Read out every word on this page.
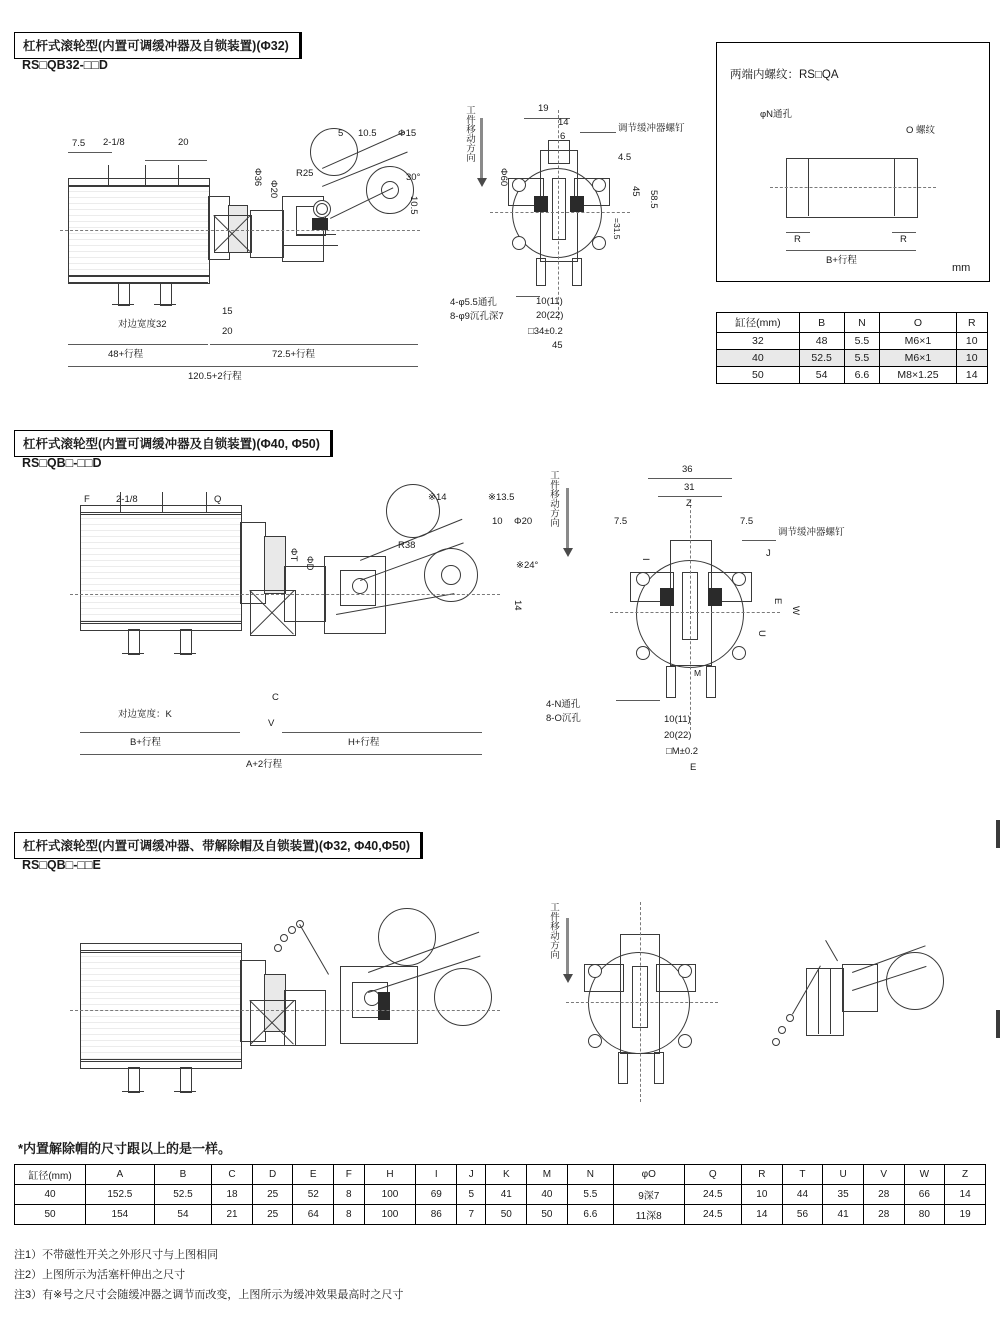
杠杆式滚轮型(内置可调缓冲器及自锁装置)(Φ32)
RS□QB32-□□D
7.5 2-1/8	20
Φ36
Φ20
R25
5 10.5 Φ15
30°
10.5
15
20
对边宽度32
48+行程	72.5+行程
120.5+2行程
19
14
6
4.5
45 58.5
Φ60
=31.5
调节缓冲器螺钉
4-φ5.5通孔
8-φ9沉孔深7
10(11)
20(22)
□34±0.2
45
工件移动方向
两端内螺纹：RS□QA
φN通孔
O 螺纹
R	R
B+行程
mm
缸径(mm)	B	N	O	R
32	48	5.5	M6×1	10
40	52.5	5.5	M6×1	10
50	54	6.6	M8×1.25	14
杠杆式滚轮型(内置可调缓冲器及自锁装置)(Φ40, Φ50)
RS□QB□-□□D
F	2-1/8	Q
ΦT
ΦD
R38
※14	※13.5
10 Φ20
※24°
14
C
V
对边宽度：K
B+行程	H+行程
A+2行程
36
31
Z
7.5	7.5
调节缓冲器螺钉
J
E
W
I
U
M
4-N通孔
8-O沉孔	10(11)
20(22)
□M±0.2
E
工件移动方向
杠杆式滚轮型(内置可调缓冲器、带解除帽及自锁装置)(Φ32, Φ40,Φ50)
RS□QB□-□□E
工件移动方向
*内置解除帽的尺寸跟以上的是一样。
缸径(mm)	A	B	C	D	E	F	H	I	J	K	M	N	φO	Q	R	T	U	V	W	Z
40	152.5	52.5	18	25	52	8	100	69	5	41	40	5.5	9深7	24.5	10	44	35	28	66	14
50	154	54	21	25	64	8	100	86	7	50	50	6.6	11深8	24.5	14	56	41	28	80	19
注1）不带磁性开关之外形尺寸与上图相同
注2）上图所示为活塞杆伸出之尺寸
注3）有※号之尺寸会随缓冲器之调节而改变，上图所示为缓冲效果最高时之尺寸
